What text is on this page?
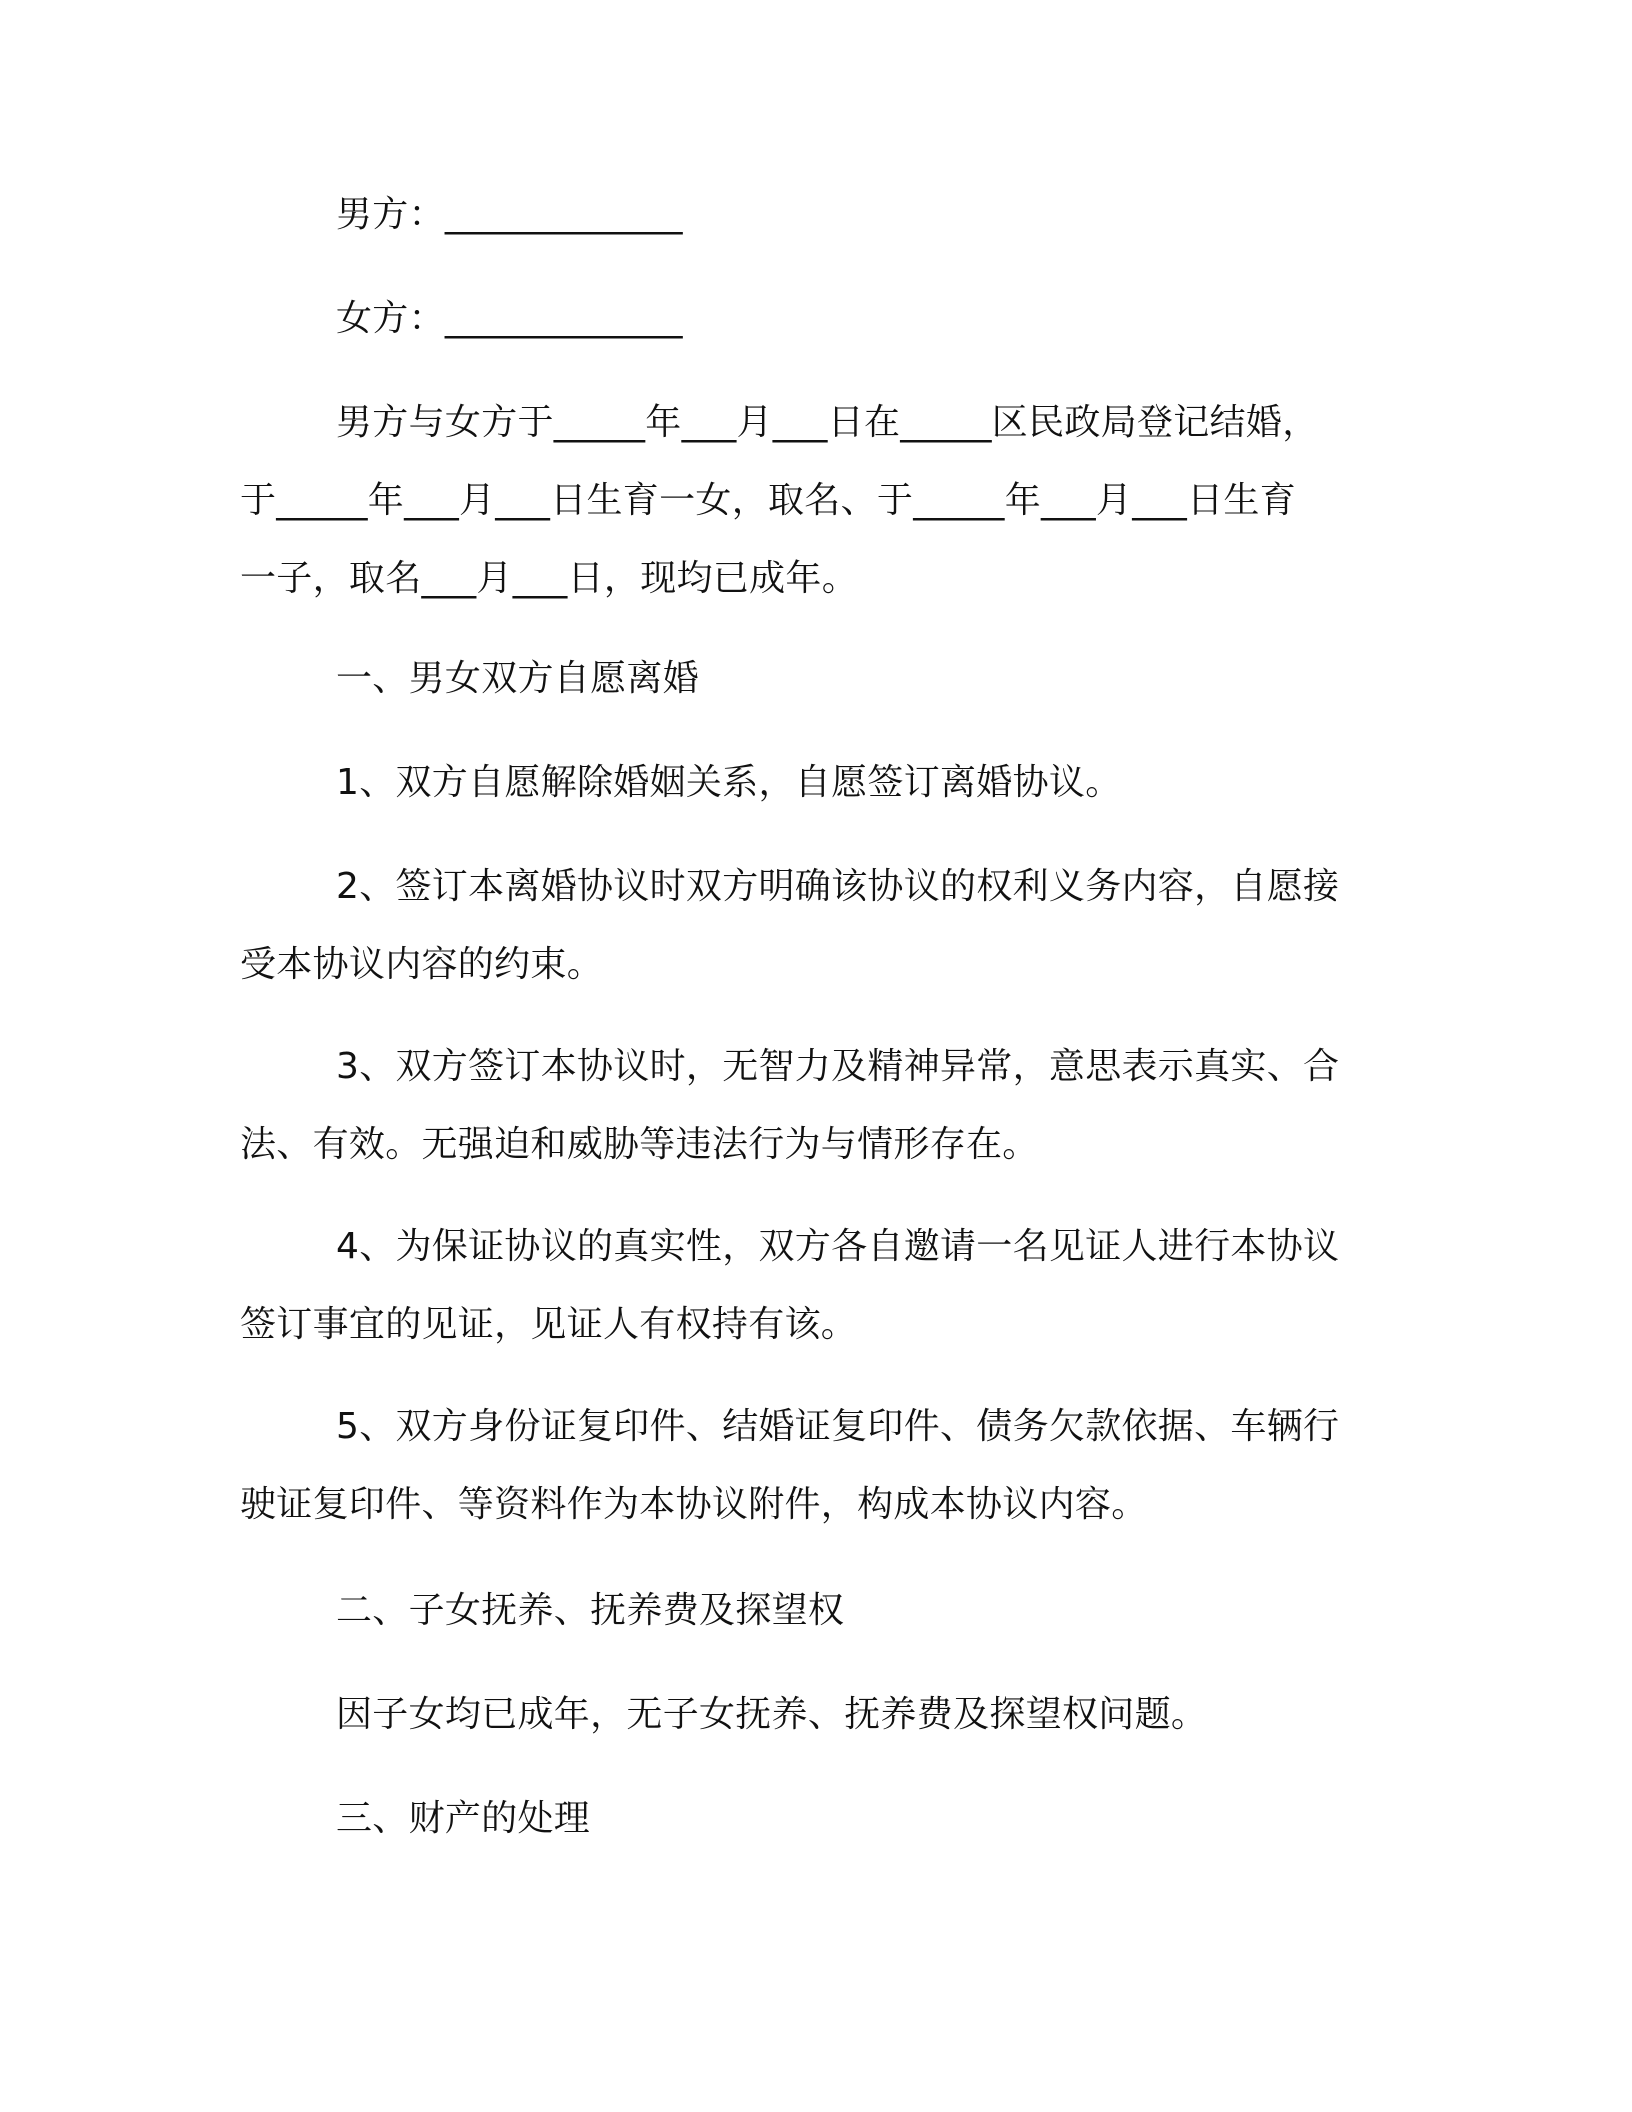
男方：_____________

女方：_____________

男方与女方于_____年___月___日在_____区民政局登记结婚，
于_____年___月___日生育一女，取名、于_____年___月___日生育
一子，取名___月___日，现均已成年。

一、男女双方自愿离婚

1、双方自愿解除婚姻关系，自愿签订离婚协议。

2、签订本离婚协议时双方明确该协议的权利义务内容，自愿接
受本协议内容的约束。
3、双方签订本协议时，无智力及精神异常，意思表示真实、合
法、有效。无强迫和威胁等违法行为与情形存在。
4、为保证协议的真实性，双方各自邀请一名见证人进行本协议
签订事宜的见证，见证人有权持有该。
5、双方身份证复印件、结婚证复印件、债务欠款依据、车辆行
驶证复印件、等资料作为本协议附件，构成本协议内容。

二、子女抚养、抚养费及探望权

因子女均已成年，无子女抚养、抚养费及探望权问题。

三、财产的处理
